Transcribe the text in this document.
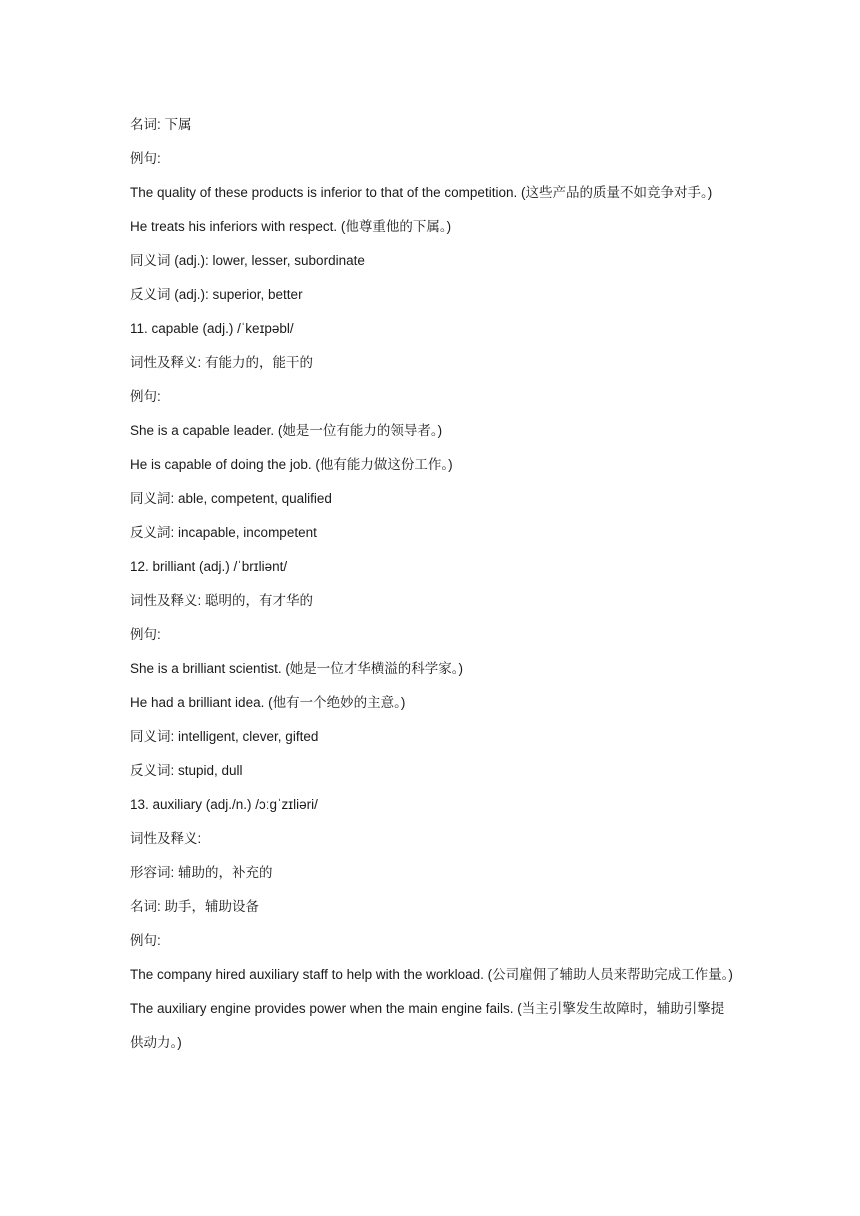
名词: 下属
例句:
The quality of these products is inferior to that of the competition. (这些产品的质量不如竞争对手。)
He treats his inferiors with respect. (他尊重他的下属。)
同义词 (adj.): lower, lesser, subordinate
反义词 (adj.): superior, better
11. capable (adj.) /ˈkeɪpəbl/
词性及释义: 有能力的，能干的
例句:
She is a capable leader. (她是一位有能力的领导者。)
He is capable of doing the job. (他有能力做这份工作。)
同义詞: able, competent, qualified
反义詞: incapable, incompetent
12. brilliant (adj.) /ˈbrɪliənt/
词性及释义: 聪明的，有才华的
例句:
She is a brilliant scientist. (她是一位才华横溢的科学家。)
He had a brilliant idea. (他有一个绝妙的主意。)
同义词: intelligent, clever, gifted
反义词: stupid, dull
13. auxiliary (adj./n.) /ɔːɡˈzɪliəri/
词性及释义:
形容词: 辅助的，补充的
名词: 助手，辅助设备
例句:
The company hired auxiliary staff to help with the workload. (公司雇佣了辅助人员来帮助完成工作量。)
The auxiliary engine provides power when the main engine fails. (当主引擎发生故障时，辅助引擎提供动力。)
